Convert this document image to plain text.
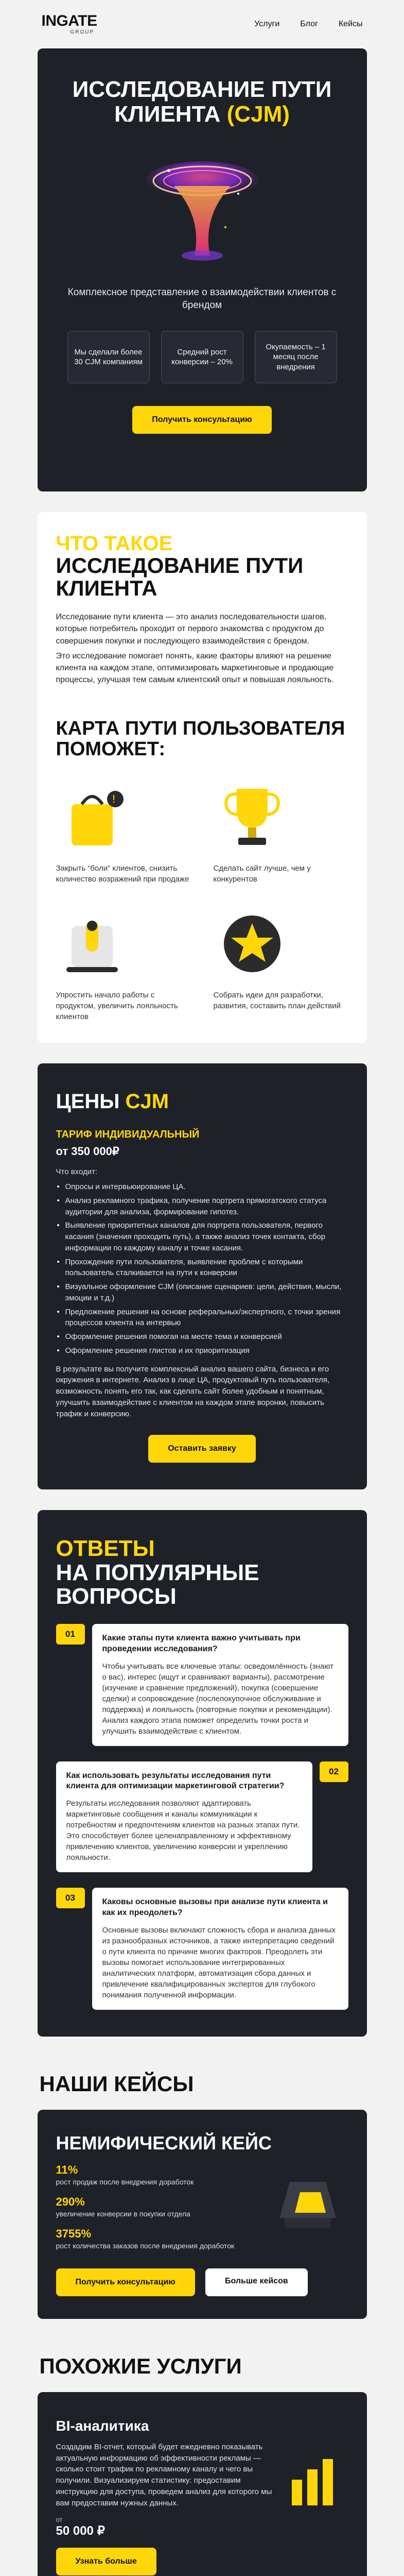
INGATE
GROUP
Услуги	Блог	Кейсы
ИССЛЕДОВАНИЕ ПУТИ
КЛИЕНТА (CJM)

Комплексное представление о взаимодействии клиентов с брендом

Мы сделали более 30 CJM компаниям
Средний рост конверсии – 20%
Окупаемость – 1 месяц после внедрения
Получить консультацию
ЧТО ТАКОЕ
ИССЛЕДОВАНИЕ ПУТИ КЛИЕНТА

Исследование пути клиента — это анализ последовательности шагов, которые потребитель проходит от первого знакомства с продуктом до совершения покупки и последующего взаимодействия с брендом.

Это исследование помогает понять, какие факторы влияют на решение клиента на каждом этапе, оптимизировать маркетинговые и продающие процессы, улучшая тем самым клиентский опыт и повышая лояльность.

КАРТА ПУТИ ПОЛЬЗОВАТЕЛЯ ПОМОЖЕТ:
!
Закрыть “боли” клиентов, снизить количество возражений при продаже
Сделать сайт лучше, чем у конкурентов
Упростить начало работы с продуктом, увеличить лояльность клиентов
Собрать идеи для разработки, развития, составить план действий
ЦЕНЫ CJM
ТАРИФ ИНДИВИДУАЛЬНЫЙ
от 350 000₽
Что входит:
• Опросы и интервьюирование ЦА.
• Анализ рекламного трафика, получение портрета прямогатского статуса аудитории для анализа, формирование гипотез.
• Выявление приоритетных каналов для портрета пользователя, первого касания (значения проходить путь), а также анализ точек контакта, сбор информации по каждому каналу и точке касания.
• Прохождение пути пользователя, выявление проблем с которыми пользователь сталкивается на пути к конверсии
• Визуальное оформление CJM (описание сценариев: цели, действия, мысли, эмоции и т.д.)
• Предложение решения на основе реферальных/экспертного, с точки зрения процессов клиента на интервью
• Оформление решения помогая на месте тема и конверсией
• Оформление решения глистов и их приоритизация

В результате вы получите комплексный анализ вашего сайта, бизнеса и его окружения в интернете. Анализ в лице ЦА, продуктовый путь пользователя, возможность понять его так, как сделать сайт более удобным и понятным, улучшить взаимодействие с клиентом на каждом этапе воронки, повысить трафик и конверсию.

Оставить заявку
ОТВЕТЫ
НА ПОПУЛЯРНЫЕ
ВОПРОСЫ
01	Какие этапы пути клиента важно учитывать при проведении исследования?
Чтобы учитывать все ключевые этапы: осведомлённость (знают о вас), интерес (ищут и сравнивают варианты), рассмотрение (изучение и сравнение предложений), покупка (совершение сделки) и сопровождение (послепокупочное обслуживание и поддержка) и лояльность (повторные покупки и рекомендации). Анализ каждого этапа поможет определить точки роста и улучшить взаимодействие с клиентом.
02
Как использовать результаты исследования пути клиента для оптимизации маркетинговой стратегии?
Результаты исследования позволяют адаптировать маркетинговые сообщения и каналы коммуникации к потребностям и предпочтениям клиентов на разных этапах пути. Это способствует более целенаправленному и эффективному привлечению клиентов, увеличению конверсии и укреплению лояльности.
03	Каковы основные вызовы при анализе пути клиента и как их преодолеть?
Основные вызовы включают сложность сбора и анализа данных из разнообразных источников, а также интерпретацию сведений о пути клиента по причине многих факторов. Преодолеть эти вызовы помогает использование интегрированных аналитических платформ, автоматизация сбора данных и привлечение квалифицированных экспертов для глубокого понимания полученной информации.
НАШИ КЕЙСЫ
НЕМИФИЧЕСКИЙ КЕЙС
11%
рост продаж после внедрения доработок
290%
увеличение конверсии в покупки отдела
3755%
рост количества заказов после внедрения доработок
Получить консультацию	Больше кейсов
ПОХОЖИЕ УСЛУГИ
BI-аналитика
Создадим BI-отчет, который будет ежедневно показывать актуальную информацию об эффективности рекламы — сколько стоит трафик по рекламному каналу и чего вы получили. Визуализируем статистику: предоставим инструкцию для доступа, проведем анализ для которого мы вам предоставим нужных данных.
от
50 000 ₽
Узнать больше
